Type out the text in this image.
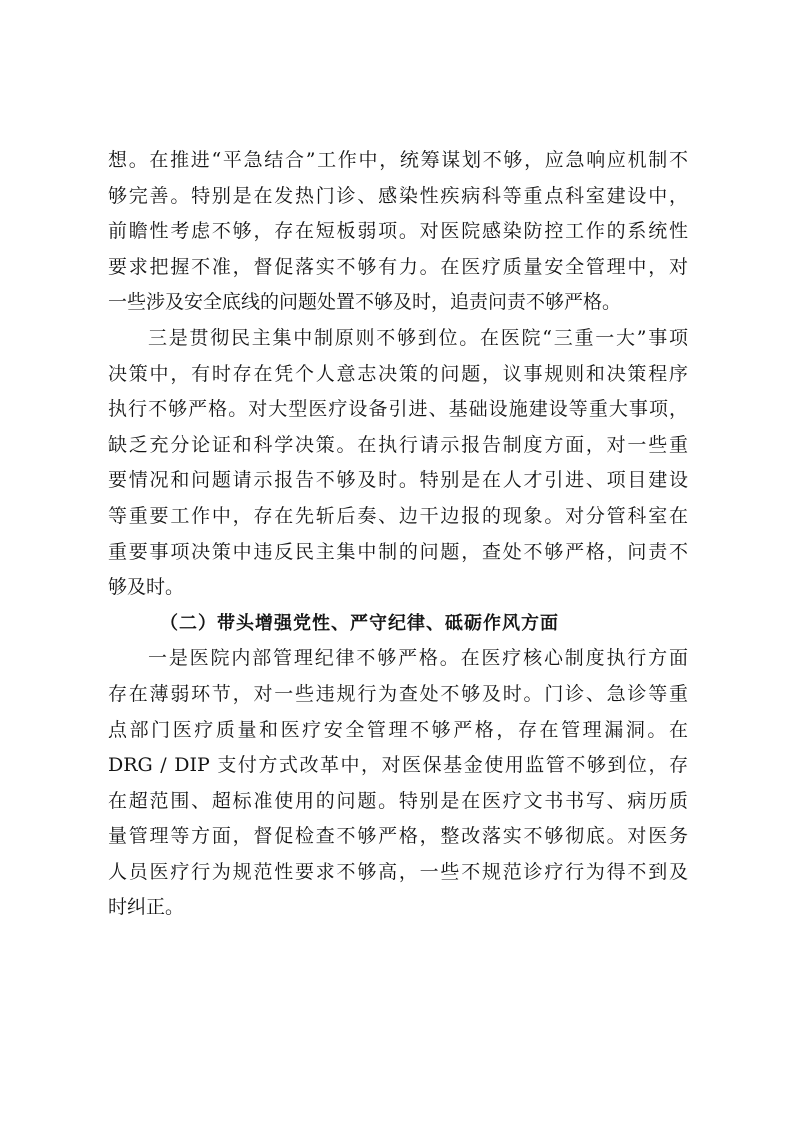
想。在推进“平急结合”工作中，统筹谋划不够，应急响应机制不
够完善。特别是在发热门诊、感染性疾病科等重点科室建设中，
前瞻性考虑不够，存在短板弱项。对医院感染防控工作的系统性
要求把握不准，督促落实不够有力。在医疗质量安全管理中，对
一些涉及安全底线的问题处置不够及时，追责问责不够严格。
三是贯彻民主集中制原则不够到位。在医院“三重一大”事项
决策中，有时存在凭个人意志决策的问题，议事规则和决策程序
执行不够严格。对大型医疗设备引进、基础设施建设等重大事项，
缺乏充分论证和科学决策。在执行请示报告制度方面，对一些重
要情况和问题请示报告不够及时。特别是在人才引进、项目建设
等重要工作中，存在先斩后奏、边干边报的现象。对分管科室在
重要事项决策中违反民主集中制的问题，查处不够严格，问责不
够及时。
（二）带头增强党性、严守纪律、砥砺作风方面
一是医院内部管理纪律不够严格。在医疗核心制度执行方面
存在薄弱环节，对一些违规行为查处不够及时。门诊、急诊等重
点部门医疗质量和医疗安全管理不够严格，存在管理漏洞。在
DRG / DIP 支付方式改革中，对医保基金使用监管不够到位，存
在超范围、超标准使用的问题。特别是在医疗文书书写、病历质
量管理等方面，督促检查不够严格，整改落实不够彻底。对医务
人员医疗行为规范性要求不够高，一些不规范诊疗行为得不到及
时纠正。
